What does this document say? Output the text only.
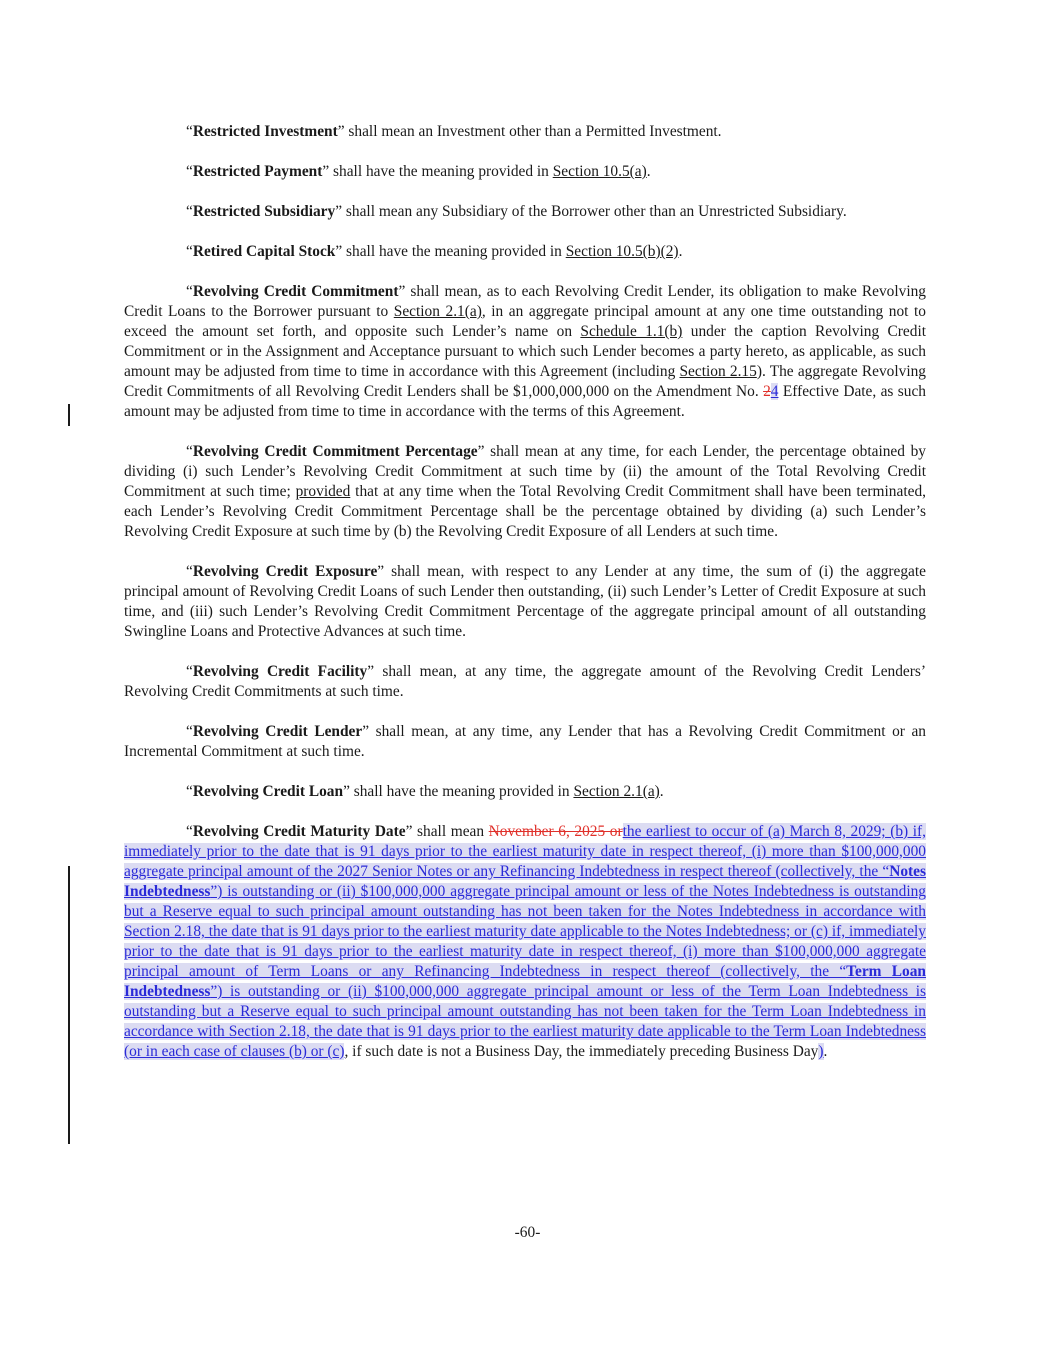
“Restricted Investment” shall mean an Investment other than a Permitted Investment.

“Restricted Payment” shall have the meaning provided in Section 10.5(a).

“Restricted Subsidiary” shall mean any Subsidiary of the Borrower other than an Unrestricted Subsidiary.

“Retired Capital Stock” shall have the meaning provided in Section 10.5(b)(2).

“Revolving Credit Commitment” shall mean, as to each Revolving Credit Lender, its obligation to make Revolving Credit Loans to the Borrower pursuant to Section 2.1(a), in an aggregate principal amount at any one time outstanding not to exceed the amount set forth, and opposite such Lender’s name on Schedule 1.1(b) under the caption Revolving Credit Commitment or in the Assignment and Acceptance pursuant to which such Lender becomes a party hereto, as applicable, as such amount may be adjusted from time to time in accordance with this Agreement (including Section 2.15). The aggregate Revolving Credit Commitments of all Revolving Credit Lenders shall be $1,000,000,000 on the Amendment No. 24 Effective Date, as such amount may be adjusted from time to time in accordance with the terms of this Agreement.

“Revolving Credit Commitment Percentage” shall mean at any time, for each Lender, the percentage obtained by dividing (i) such Lender’s Revolving Credit Commitment at such time by (ii) the amount of the Total Revolving Credit Commitment at such time; provided that at any time when the Total Revolving Credit Commitment shall have been terminated, each Lender’s Revolving Credit Commitment Percentage shall be the percentage obtained by dividing (a) such Lender’s Revolving Credit Exposure at such time by (b) the Revolving Credit Exposure of all Lenders at such time.

“Revolving Credit Exposure” shall mean, with respect to any Lender at any time, the sum of (i) the aggregate principal amount of Revolving Credit Loans of such Lender then outstanding, (ii) such Lender’s Letter of Credit Exposure at such time, and (iii) such Lender’s Revolving Credit Commitment Percentage of the aggregate principal amount of all outstanding Swingline Loans and Protective Advances at such time.

“Revolving Credit Facility” shall mean, at any time, the aggregate amount of the Revolving Credit Lenders’ Revolving Credit Commitments at such time.

“Revolving Credit Lender” shall mean, at any time, any Lender that has a Revolving Credit Commitment or an Incremental Commitment at such time.

“Revolving Credit Loan” shall have the meaning provided in Section 2.1(a).

“Revolving Credit Maturity Date” shall mean November 6, 2025 orthe earliest to occur of (a) March 8, 2029; (b) if, immediately prior to the date that is 91 days prior to the earliest maturity date in respect thereof, (i) more than $100,000,000 aggregate principal amount of the 2027 Senior Notes or any Refinancing Indebtedness in respect thereof (collectively, the “Notes Indebtedness”) is outstanding or (ii) $100,000,000 aggregate principal amount or less of the Notes Indebtedness is outstanding but a Reserve equal to such principal amount outstanding has not been taken for the Notes Indebtedness in accordance with Section 2.18, the date that is 91 days prior to the earliest maturity date applicable to the Notes Indebtedness; or (c) if, immediately prior to the date that is 91 days prior to the earliest maturity date in respect thereof, (i) more than $100,000,000 aggregate principal amount of Term Loans or any Refinancing Indebtedness in respect thereof (collectively, the “Term Loan Indebtedness”) is outstanding or (ii) $100,000,000 aggregate principal amount or less of the Term Loan Indebtedness is outstanding but a Reserve equal to such principal amount outstanding has not been taken for the Term Loan Indebtedness in accordance with Section 2.18, the date that is 91 days prior to the earliest maturity date applicable to the Term Loan Indebtedness (or in each case of clauses (b) or (c), if such date is not a Business Day, the immediately preceding Business Day).

-60-
